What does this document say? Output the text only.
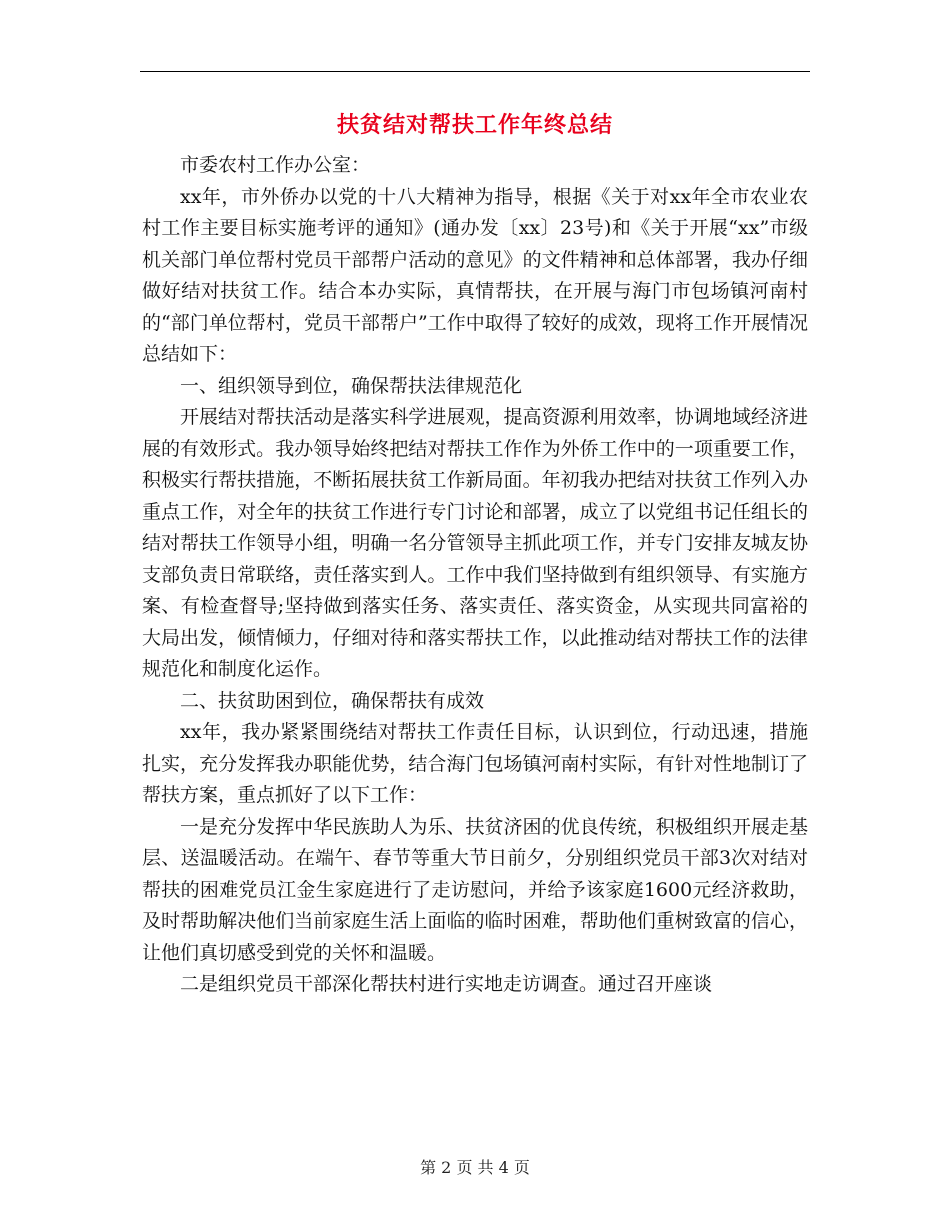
扶贫结对帮扶工作年终总结

市委农村工作办公室：

xx年，市外侨办以党的十八大精神为指导，根据《关于对xx年全市农业农村工作主要目标实施考评的通知》(通办发〔xx〕23号)和《关于开展“xx”市级机关部门单位帮村党员干部帮户活动的意见》的文件精神和总体部署，我办仔细做好结对扶贫工作。结合本办实际，真情帮扶，在开展与海门市包场镇河南村的“部门单位帮村，党员干部帮户”工作中取得了较好的成效，现将工作开展情况总结如下：

一、组织领导到位，确保帮扶法律规范化

开展结对帮扶活动是落实科学进展观，提高资源利用效率，协调地域经济进展的有效形式。我办领导始终把结对帮扶工作作为外侨工作中的一项重要工作，积极实行帮扶措施，不断拓展扶贫工作新局面。年初我办把结对扶贫工作列入办重点工作，对全年的扶贫工作进行专门讨论和部署，成立了以党组书记任组长的结对帮扶工作领导小组，明确一名分管领导主抓此项工作，并专门安排友城友协支部负责日常联络，责任落实到人。工作中我们坚持做到有组织领导、有实施方案、有检查督导;坚持做到落实任务、落实责任、落实资金，从实现共同富裕的大局出发，倾情倾力，仔细对待和落实帮扶工作，以此推动结对帮扶工作的法律规范化和制度化运作。

二、扶贫助困到位，确保帮扶有成效

xx年，我办紧紧围绕结对帮扶工作责任目标，认识到位，行动迅速，措施扎实，充分发挥我办职能优势，结合海门包场镇河南村实际，有针对性地制订了帮扶方案，重点抓好了以下工作：

一是充分发挥中华民族助人为乐、扶贫济困的优良传统，积极组织开展走基层、送温暖活动。在端午、春节等重大节日前夕，分别组织党员干部3次对结对帮扶的困难党员江金生家庭进行了走访慰问，并给予该家庭1600元经济救助，及时帮助解决他们当前家庭生活上面临的临时困难，帮助他们重树致富的信心，让他们真切感受到党的关怀和温暖。

二是组织党员干部深化帮扶村进行实地走访调查。通过召开座谈

第 2 页 共 4 页
